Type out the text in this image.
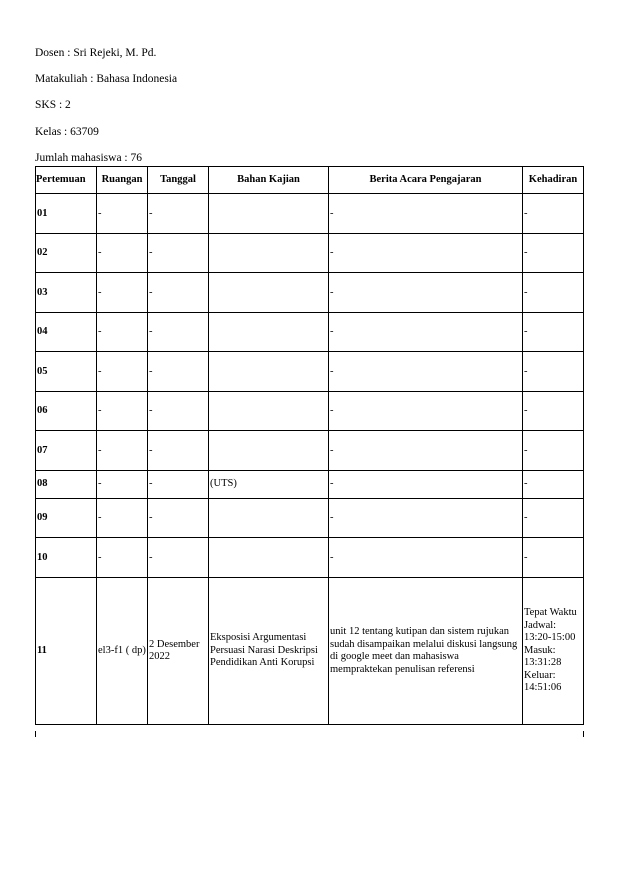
Dosen : Sri Rejeki, M. Pd.
Matakuliah : Bahasa Indonesia
SKS : 2
Kelas : 63709
Jumlah mahasiswa : 76
Pertemuan	Ruangan	Tanggal	Bahan Kajian	Berita Acara Pengajaran	Kehadiran
01	-	-		-	-
02	-	-		-	-
03	-	-		-	-
04	-	-		-	-
05	-	-		-	-
06	-	-		-	-
07	-	-		-	-
08	-	-	(UTS)	-	-
09	-	-		-	-
10	-	-		-	-
11	el3-f1 ( dp)	2 Desember 2022	Eksposisi Argumentasi Persuasi Narasi Deskripsi Pendidikan Anti Korupsi	unit 12 tentang kutipan dan sistem rujukan sudah disampaikan melalui diskusi langsung di google meet dan mahasiswa mempraktekan penulisan referensi	Tepat Waktu Jadwal: 13:20-15:00 Masuk: 13:31:28 Keluar: 14:51:06
